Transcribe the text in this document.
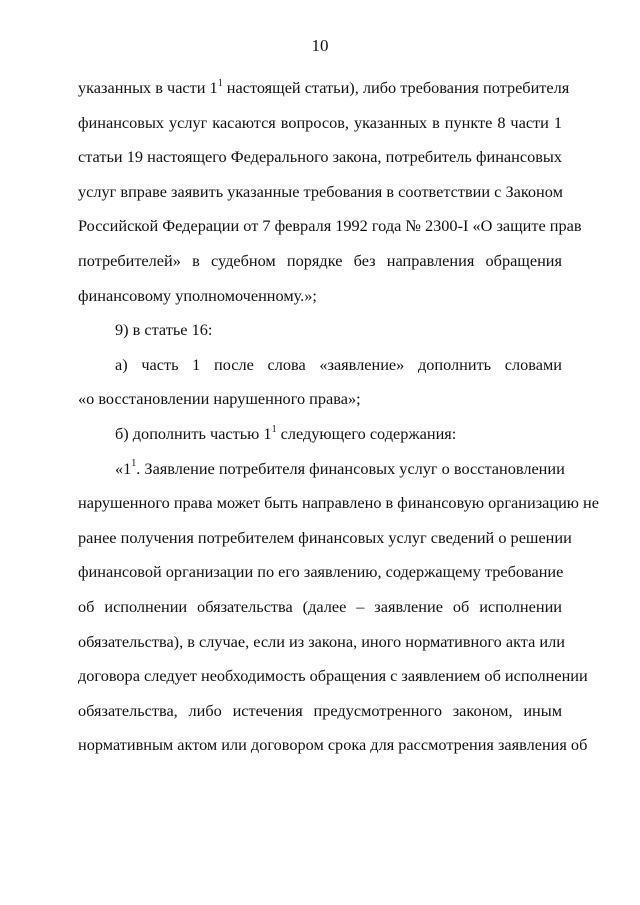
10
указанных в части $1^1$ настоящей статьи), либо требования потребителя
финансовых услуг касаются вопросов, указанных в пункте 8 части 1
статьи 19 настоящего Федерального закона, потребитель финансовых
услуг вправе заявить указанные требования в соответствии с Законом
Российской Федерации от 7 февраля 1992 года № 2300-I «О защите прав
потребителей» в судебном порядке без направления обращения
финансовому уполномоченному.»;
9) в статье 16:
а) часть 1 после слова «заявление» дополнить словами
«о восстановлении нарушенного права»;
б) дополнить частью $1^1$ следующего содержания:
«$1^1$. Заявление потребителя финансовых услуг о восстановлении
нарушенного права может быть направлено в финансовую организацию не
ранее получения потребителем финансовых услуг сведений о решении
финансовой организации по его заявлению, содержащему требование
об исполнении обязательства (далее – заявление об исполнении
обязательства), в случае, если из закона, иного нормативного акта или
договора следует необходимость обращения с заявлением об исполнении
обязательства, либо истечения предусмотренного законом, иным
нормативным актом или договором срока для рассмотрения заявления об
